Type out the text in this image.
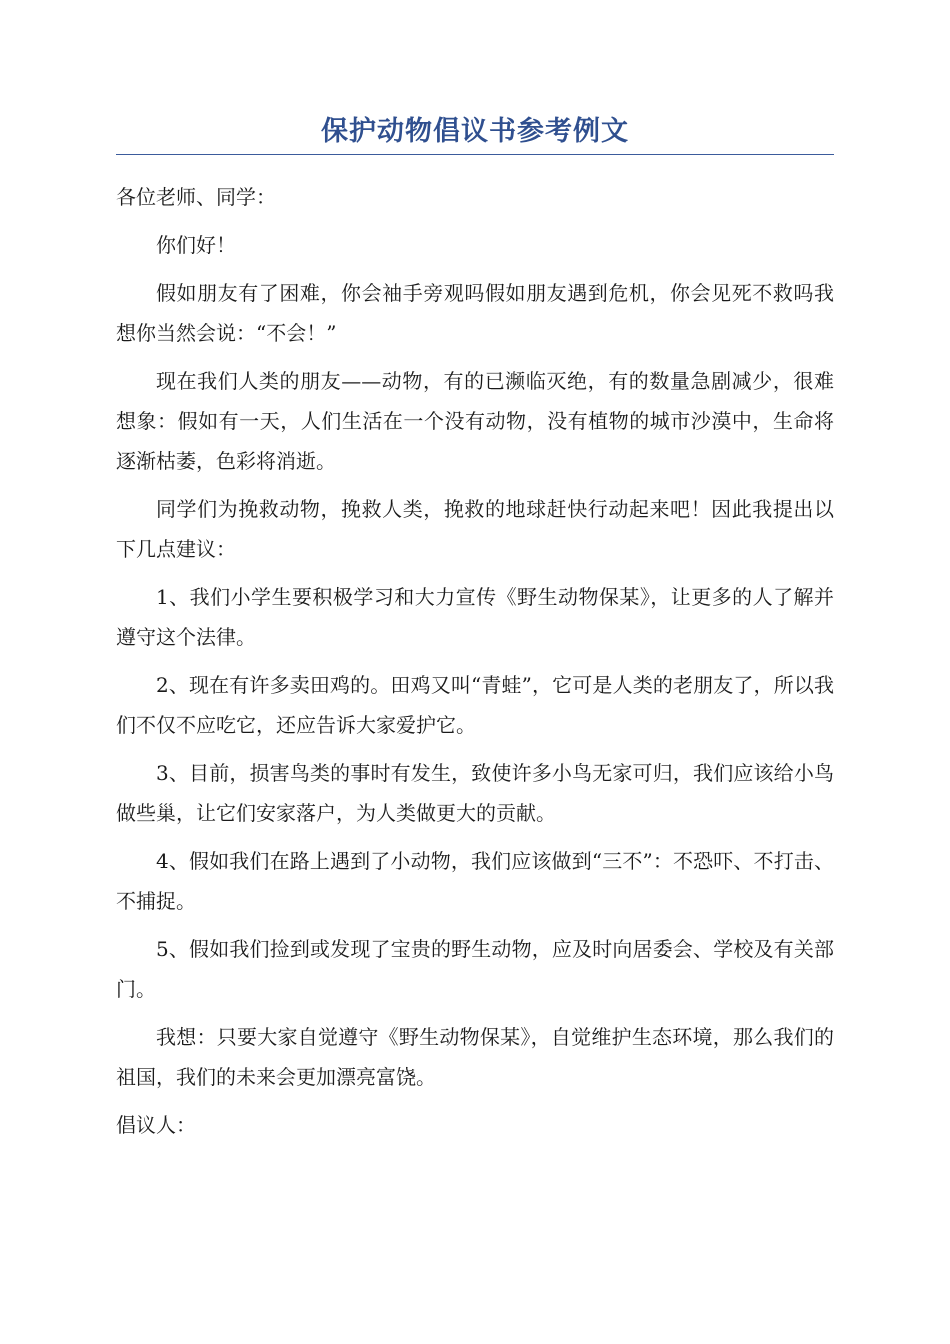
保护动物倡议书参考例文

各位老师、同学：

你们好！

假如朋友有了困难，你会袖手旁观吗假如朋友遇到危机，你会见死不救吗我想你当然会说：“不会！”

现在我们人类的朋友——动物，有的已濒临灭绝，有的数量急剧减少，很难想象：假如有一天，人们生活在一个没有动物，没有植物的城市沙漠中，生命将逐渐枯萎，色彩将消逝。

同学们为挽救动物，挽救人类，挽救的地球赶快行动起来吧！因此我提出以下几点建议：

1、我们小学生要积极学习和大力宣传《野生动物保某》，让更多的人了解并遵守这个法律。

2、现在有许多卖田鸡的。田鸡又叫“青蛙”，它可是人类的老朋友了，所以我们不仅不应吃它，还应告诉大家爱护它。

3、目前，损害鸟类的事时有发生，致使许多小鸟无家可归，我们应该给小鸟做些巢，让它们安家落户，为人类做更大的贡献。

4、假如我们在路上遇到了小动物，我们应该做到“三不”：不恐吓、不打击、不捕捉。

5、假如我们捡到或发现了宝贵的野生动物，应及时向居委会、学校及有关部门。

我想：只要大家自觉遵守《野生动物保某》，自觉维护生态环境，那么我们的祖国，我们的未来会更加漂亮富饶。

倡议人：
